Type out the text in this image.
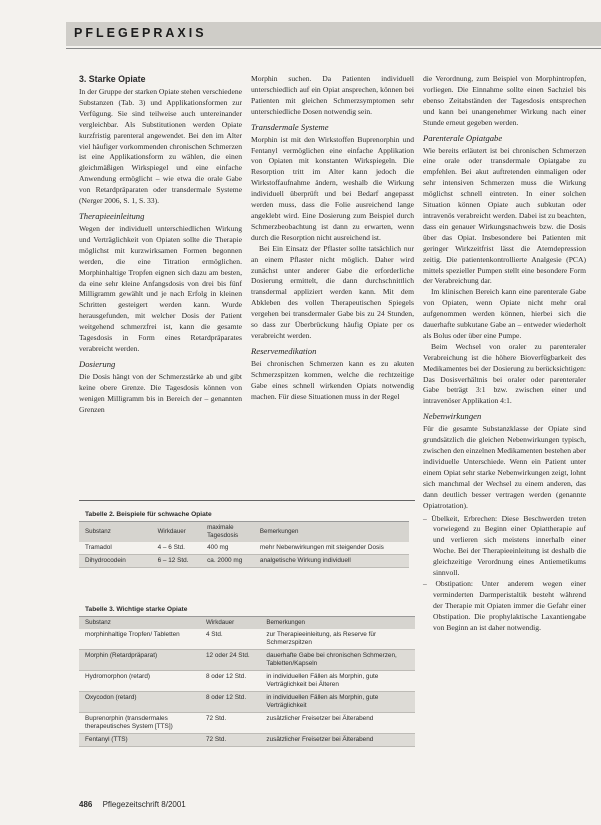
PFLEGEPRAXIS
3. Starke Opiate

In der Gruppe der starken Opiate stehen verschiedene Substanzen (Tab. 3) und Applikationsformen zur Verfügung. Sie sind teilweise auch untereinander vergleichbar. Als Substitutionen werden Opiate kurzfristig parenteral angewendet. Bei den im Alter viel häufiger vorkommenden chronischen Schmerzen ist eine Applikationsform zu wählen, die einen gleichmäßigen Wirkspiegel und eine einfache Anwendung ermöglicht – wie etwa die orale Gabe von Retardpräparaten oder transdermale Systeme (Nerger 2006, S. 1, S. 33).

Therapieeinleitung

Wegen der individuell unterschiedlichen Wirkung und Verträglichkeit von Opiaten sollte die Therapie möglichst mit kurzwirksamen Formen begonnen werden, die eine Titration ermöglichen. Morphinhaltige Tropfen eignen sich dazu am besten, da eine sehr kleine Anfangsdosis von drei bis fünf Milligramm gewählt und je nach Erfolg in kleinen Schritten gesteigert werden kann. Wurde herausgefunden, mit welcher Dosis der Patient weitgehend schmerzfrei ist, kann die gesamte Tagesdosis in Form eines Retardpräparates verabreicht werden.

Dosierung

Die Dosis hängt von der Schmerzstärke ab und gibt keine obere Grenze. Die Tagesdosis können von wenigen Milligramm bis in Bereich der – genannten Grenzen

Morphin suchen. Da Patienten individuell unterschiedlich auf ein Opiat ansprechen, können bei Patienten mit gleichen Schmerzsymptomen sehr unterschiedliche Dosen notwendig sein.

Transdermale Systeme

Morphin ist mit den Wirkstoffen Buprenorphin und Fentanyl vermöglichen eine einfache Applikation von Opiaten mit konstanten Wirkspiegeln. Die Resorption tritt im Alter kann jedoch die Wirkstoffaufnahme ändern, weshalb die Wirkung individuell überprüft und bei Bedarf angepasst werden muss, dass die Folie ausreichend lange angeklebt wird. Eine Dosierung zum Beispiel durch Schmerzbeobachtung ist dann zu erwarten, wenn durch die Resorption nicht ausreichend ist.

Bei Ein Einsatz der Pflaster sollte tatsächlich nur an einem Pflaster nicht möglich. Daher wird zunächst unter anderer Gabe die erforderliche Dosierung ermittelt, die dann durchschnittlich transdermal appliziert werden kann. Mit dem Abkleben des vollen Therapeutischen Spiegels vergehen bei transdermaler Gabe bis zu 24 Stunden, so dass zur Überbrückung häufig Opiate per os verabreicht werden.

Reservemedikation

Bei chronischen Schmerzen kann es zu akuten Schmerzspitzen kommen, welche die rechtzeitige Gabe eines schnell wirkenden Opiats notwendig machen. Für diese Situationen muss in der Regel

die Verordnung, zum Beispiel von Morphintropfen, vorliegen. Die Einnahme sollte einen Sachziel bis ebenso Zeitabständen der Tagesdosis entsprechen und kann bei unangenehmer Wirkung nach einer Stunde erneut gegeben werden.

Parenterale Opiatgabe

Wie bereits erläutert ist bei chronischen Schmerzen eine orale oder transdermale Opiatgabe zu empfehlen. Bei akut auftretenden einmaligen oder sehr intensiven Schmerzen muss die Wirkung möglichst schnell eintreten. In einer solchen Situation können Opiate auch subkutan oder intravenös verabreicht werden. Dabei ist zu beachten, dass ein genauer Wirkungsnachweis bzw. die Dosis über das Opiat. Insbesondere bei Patienten mit geringer Wirkzeitfrist lässt die Atemdepression zeitig. Die patientenkontrollierte Analgesie (PCA) mittels spezieller Pumpen stellt eine besondere Form der Verabreichung dar.

Im klinischen Bereich kann eine parenterale Gabe von Opiaten, wenn Opiate nicht mehr oral aufgenommen werden können, hierbei sich die dauerhafte subkutane Gabe an – entweder wiederholt als Bolus oder über eine Pumpe.

Beim Wechsel von oraler zu parenteraler Verabreichung ist die höhere Bioverfügbarkeit des Medikamentes bei der Dosierung zu berücksichtigen: Das Dosisverhältnis bei oraler oder parenteraler Gabe beträgt 3:1 bzw. zwischen einer und intravenöser Applikation 4:1.

Nebenwirkungen

Für die gesamte Substanzklasse der Opiate sind grundsätzlich die gleichen Nebenwirkungen typisch, zwischen den einzelnen Medikamenten bestehen aber individuelle Unterschiede. Wenn ein Patient unter einem Opiat sehr starke Nebenwirkungen zeigt, lohnt sich manchmal der Wechsel zu einem anderen, das dann deutlich besser vertragen werden (genannte Opiatrotation).

– Übelkeit, Erbrechen: Diese Beschwerden treten vorwiegend zu Beginn einer Opiattherapie auf und verlieren sich meistens innerhalb einer Woche. Bei der Therapieeinleitung ist deshalb die gleichzeitige Verordnung eines Antiemetikums sinnvoll.
– Obstipation: Unter anderem wegen einer verminderten Darmperistaltik besteht während der Therapie mit Opiaten immer die Gefahr einer Obstipation. Die prophylaktische Laxantiengabe von Beginn an ist daher notwendig.
Tabelle 2. Beispiele für schwache Opiate
Substanz	Wirkdauer	maximale Tagesdosis	Bemerkungen
Tramadol	4 – 6 Std.	400 mg	mehr Nebenwirkungen mit steigender Dosis
Dihydrocodein	6 – 12 Std.	ca. 2000 mg	analgetische Wirkung individuell
Tabelle 3. Wichtige starke Opiate
Substanz	Wirkdauer	Bemerkungen
morphinhaltige Tropfen/ Tabletten	4 Std.	zur Therapieeinleitung, als Reserve für Schmerzspitzen
Morphin (Retardpräparat)	12 oder 24 Std.	dauerhafte Gabe bei chronischen Schmerzen, Tabletten/Kapseln
Hydromorphon (retard)	8 oder 12 Std.	in individuellen Fällen als Morphin, gute Verträglichkeit bei Älteren
Oxycodon (retard)	8 oder 12 Std.	in individuellen Fällen als Morphin, gute Verträglichkeit
Buprenorphin (transdermales therapeutisches System [TTS])	72 Std.	zusätzlicher Freisetzer bei Älterabend
Fentanyl (TTS)	72 Std.	zusätzlicher Freisetzer bei Älterabend
486 Pflegezeitschrift 8/2001
